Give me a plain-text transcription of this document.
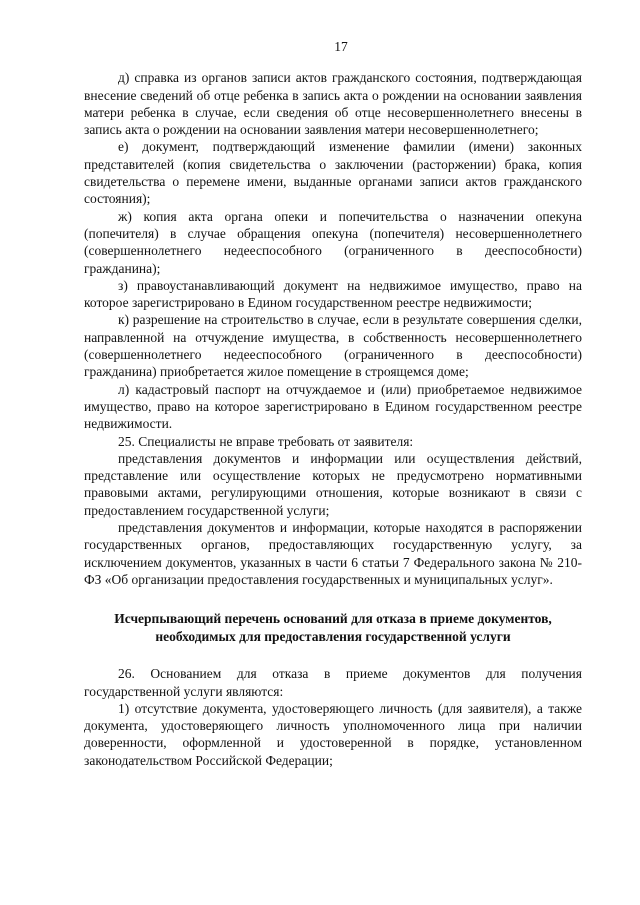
17

д) справка из органов записи актов гражданского состояния, подтверждающая внесение сведений об отце ребенка в запись акта о рождении на основании заявления матери ребенка в случае, если сведения об отце несовершеннолетнего внесены в запись акта о рождении на основании заявления матери несовершеннолетнего;

е) документ, подтверждающий изменение фамилии (имени) законных представителей (копия свидетельства о заключении (расторжении) брака, копия свидетельства о перемене имени, выданные органами записи актов гражданского состояния);

ж) копия акта органа опеки и попечительства о назначении опекуна (попечителя) в случае обращения опекуна (попечителя) несовершеннолетнего (совершеннолетнего недееспособного (ограниченного в дееспособности) гражданина);

з) правоустанавливающий документ на недвижимое имущество, право на которое зарегистрировано в Едином государственном реестре недвижимости;

к) разрешение на строительство в случае, если в результате совершения сделки, направленной на отчуждение имущества, в собственность несовершеннолетнего (совершеннолетнего недееспособного (ограниченного в дееспособности) гражданина) приобретается жилое помещение в строящемся доме;

л) кадастровый паспорт на отчуждаемое и (или) приобретаемое недвижимое имущество, право на которое зарегистрировано в Едином государственном реестре недвижимости.

25. Специалисты не вправе требовать от заявителя:

представления документов и информации или осуществления действий, представление или осуществление которых не предусмотрено нормативными правовыми актами, регулирующими отношения, которые возникают в связи с предоставлением государственной услуги;

представления документов и информации, которые находятся в распоряжении государственных органов, предоставляющих государственную услугу, за исключением документов, указанных в части 6 статьи 7 Федерального закона № 210-ФЗ «Об организации предоставления государственных и муниципальных услуг».

Исчерпывающий перечень оснований для отказа в приеме документов,
необходимых для предоставления государственной услуги

26. Основанием для отказа в приеме документов для получения государственной услуги являются:

1) отсутствие документа, удостоверяющего личность (для заявителя), а также документа, удостоверяющего личность уполномоченного лица при наличии доверенности, оформленной и удостоверенной в порядке, установленном законодательством Российской Федерации;
